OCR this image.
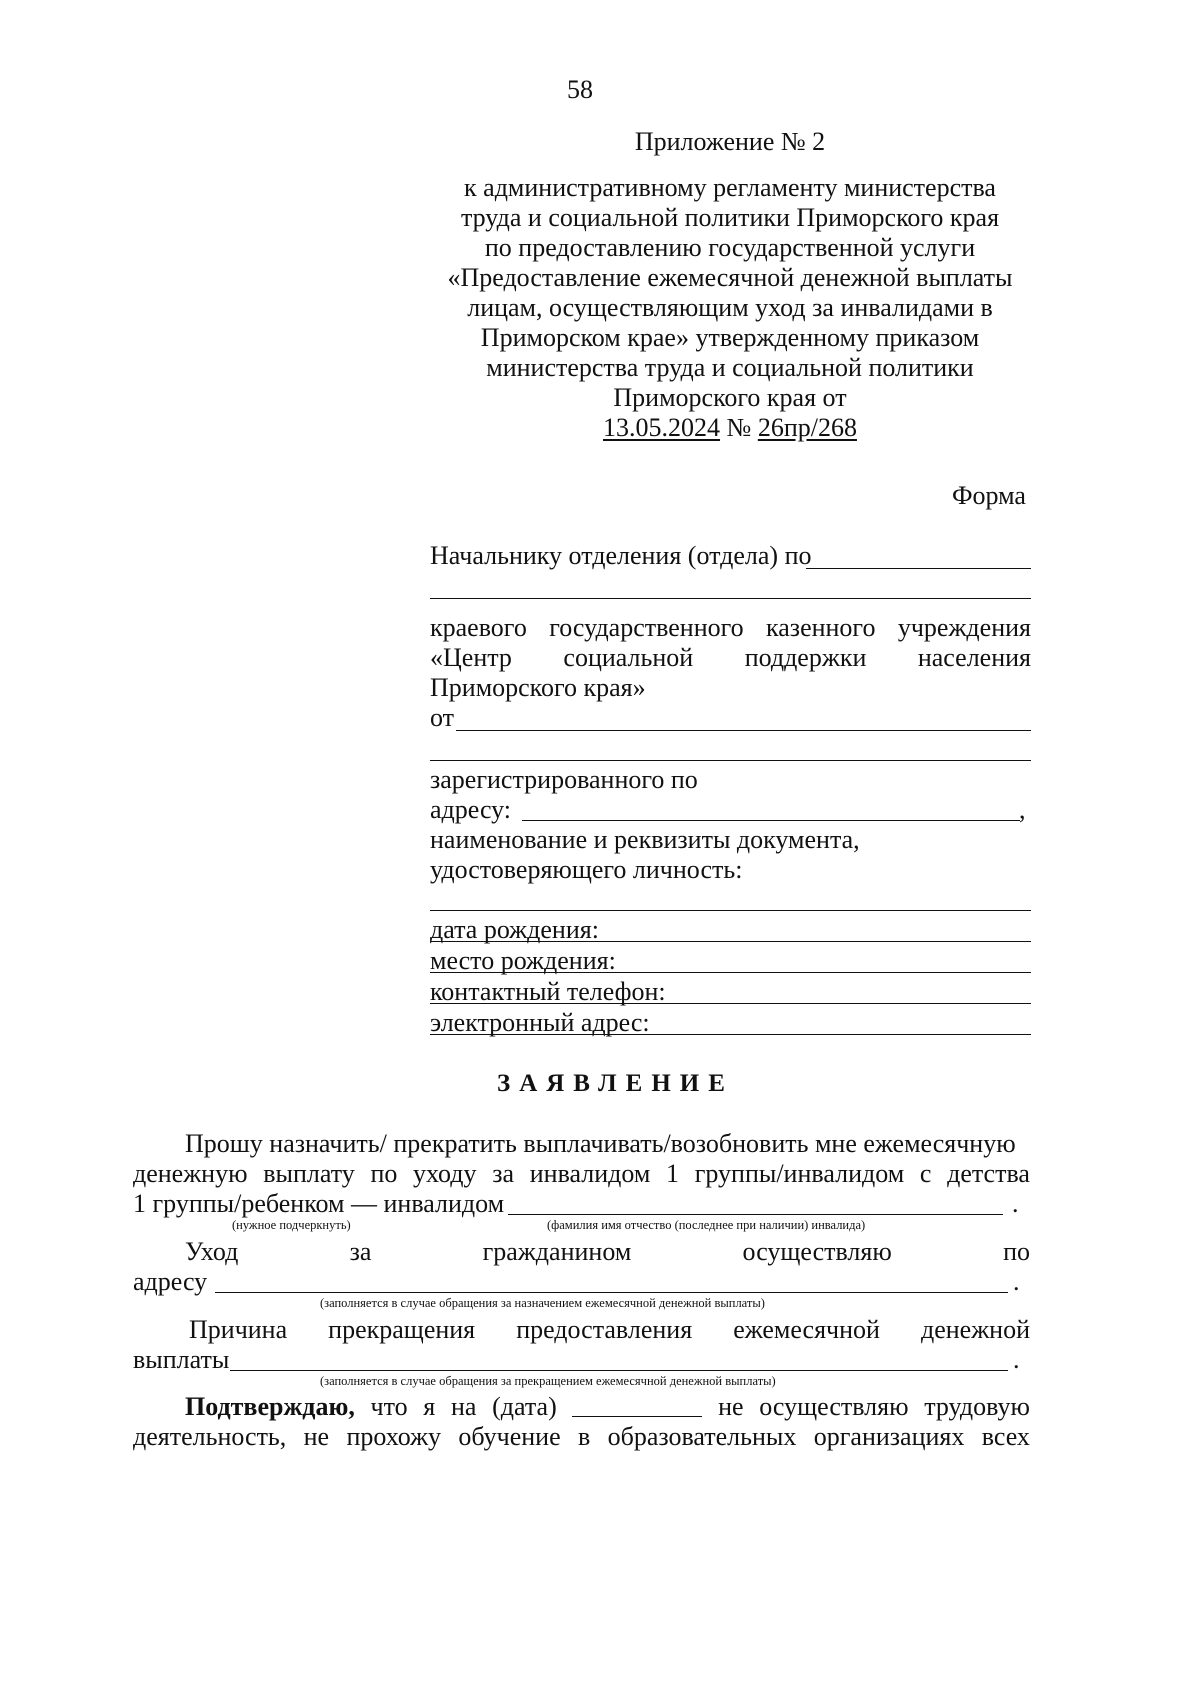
58
Приложение № 2
к административному регламенту министерства
труда и социальной политики Приморского края
по предоставлению государственной услуги
«Предоставление ежемесячной денежной выплаты
лицам, осуществляющим уход за инвалидами в
Приморском крае» утвержденному приказом
министерства труда и социальной политики
Приморского края от
13.05.2024 № 26пр/268
Форма
Начальнику отделения (отдела) по
краевого государственного казенного учреждения
«Центр социальной поддержки населения
Приморского края»
от
зарегистрированного по
адресу:	,
наименование и реквизиты документа,
удостоверяющего личность:
дата рождения:
место рождения:
контактный телефон:
электронный адрес:
ЗАЯВЛЕНИЕ
Прошу назначить/ прекратить выплачивать/возобновить мне ежемесячную
денежную выплату по уходу за инвалидом 1 группы/инвалидом с детства
1 группы/ребенком — инвалидом	.
(нужное подчеркнуть)	(фамилия имя отчество (последнее при наличии) инвалида)
Уход	за	гражданином	осуществляю	по
адресу	.
(заполняется в случае обращения за назначением ежемесячной денежной выплаты)
Причина прекращения предоставления ежемесячной денежной
выплаты	.
(заполняется в случае обращения за прекращением ежемесячной денежной выплаты)
Подтверждаю, что я на (дата)	не осуществляю трудовую
деятельность, не прохожу обучение в образовательных организациях всех
